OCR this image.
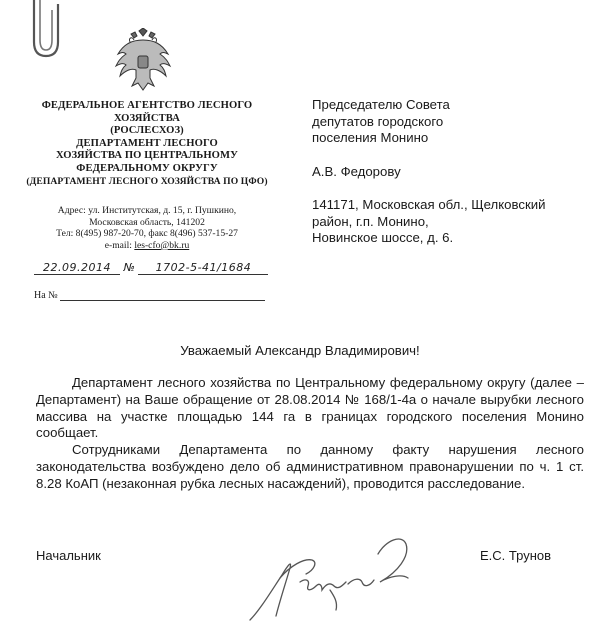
ФЕДЕРАЛЬНОЕ АГЕНТСТВО ЛЕСНОГО
ХОЗЯЙСТВА
(РОСЛЕСХОЗ)
ДЕПАРТАМЕНТ ЛЕСНОГО
ХОЗЯЙСТВА ПО ЦЕНТРАЛЬНОМУ
ФЕДЕРАЛЬНОМУ ОКРУГУ
(ДЕПАРТАМЕНТ ЛЕСНОГО ХОЗЯЙСТВА ПО ЦФО)
Адрес: ул. Институтская, д. 15, г. Пушкино,
Московская область, 141202
Тел: 8(495) 987-20-70, факс 8(496) 537-15-27
e-mail: les-cfo@bk.ru
22.09.2014 № 1702-5-41/1684
На №
Председателю Совета
депутатов городского
поселения Монино
А.В. Федорову
141171, Московская обл., Щелковский
район, г.п. Монино,
Новинское шоссе, д. 6.
Уважаемый Александр Владимирович!

Департамент лесного хозяйства по Центральному федеральному округу (далее – Департамент) на Ваше обращение от 28.08.2014 № 168/1-4а о начале вырубки лесного массива на участке площадью 144 га в границах городского поселения Монино сообщает.

Сотрудниками Департамента по данному факту нарушения лесного законодательства возбуждено дело об административном правонарушении по ч. 1 ст. 8.28 КоАП (незаконная рубка лесных насаждений), проводится расследование.

Начальник	Е.С. Трунов
